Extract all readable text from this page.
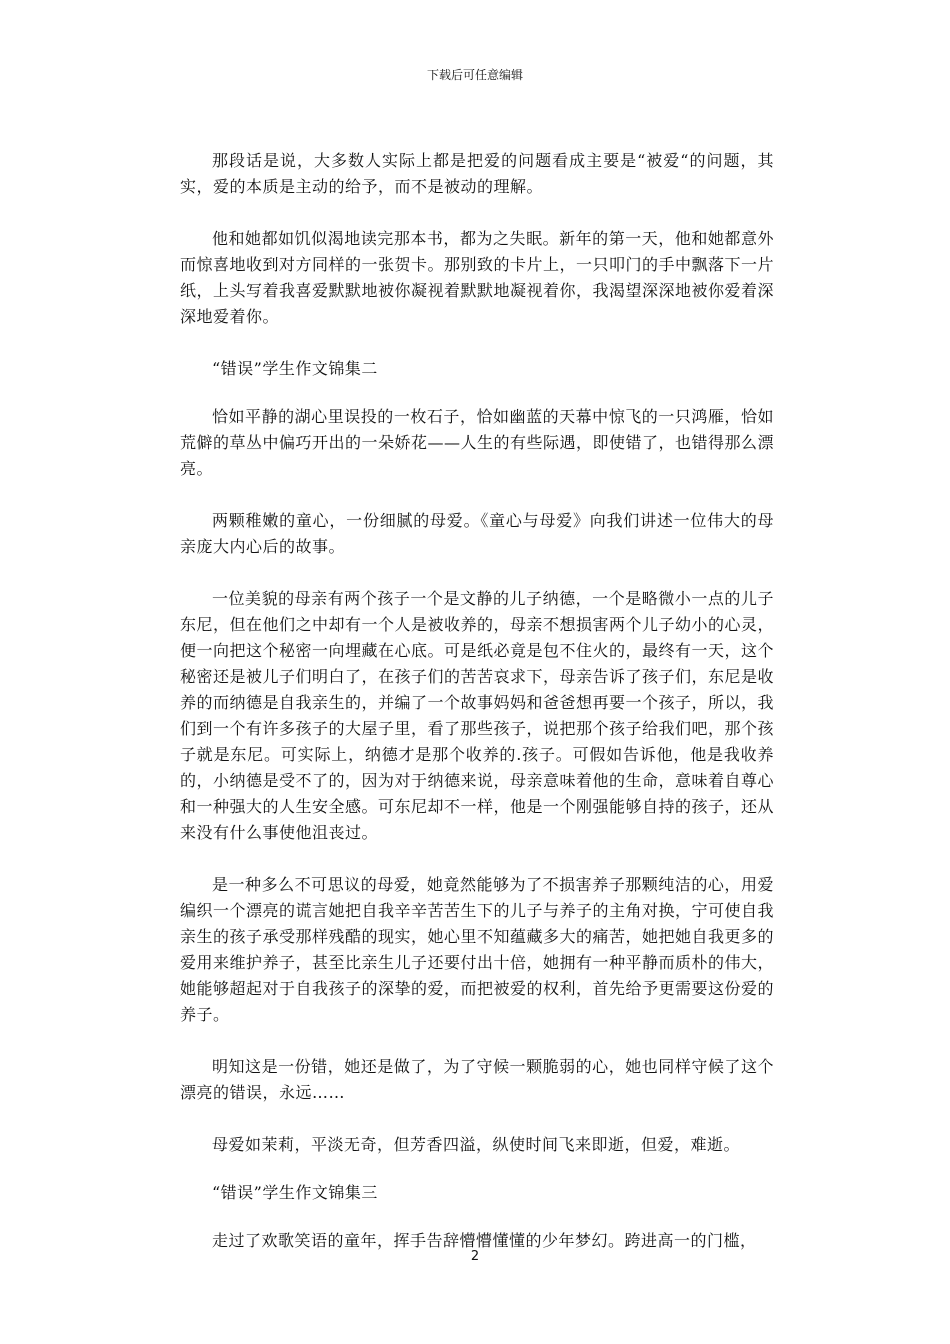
下载后可任意编辑

那段话是说，大多数人实际上都是把爱的问题看成主要是“被爱“的问题，其实，爱的本质是主动的给予，而不是被动的理解。

他和她都如饥似渴地读完那本书，都为之失眠。新年的第一天，他和她都意外而惊喜地收到对方同样的一张贺卡。那别致的卡片上，一只叩门的手中飘落下一片纸，上头写着我喜爱默默地被你凝视着默默地凝视着你，我渴望深深地被你爱着深深地爱着你。

“错误”学生作文锦集二

恰如平静的湖心里误投的一枚石子，恰如幽蓝的天幕中惊飞的一只鸿雁，恰如荒僻的草丛中偏巧开出的一朵娇花——人生的有些际遇，即使错了，也错得那么漂亮。

两颗稚嫩的童心，一份细腻的母爱。《童心与母爱》向我们讲述一位伟大的母亲庞大内心后的故事。

一位美貌的母亲有两个孩子一个是文静的儿子纳德，一个是略微小一点的儿子东尼，但在他们之中却有一个人是被收养的，母亲不想损害两个儿子幼小的心灵，便一向把这个秘密一向埋藏在心底。可是纸必竟是包不住火的，最终有一天，这个秘密还是被儿子们明白了，在孩子们的苦苦哀求下，母亲告诉了孩子们，东尼是收养的而纳德是自我亲生的，并编了一个故事妈妈和爸爸想再要一个孩子，所以，我们到一个有许多孩子的大屋子里，看了那些孩子，说把那个孩子给我们吧，那个孩子就是东尼。可实际上，纳德才是那个收养的.孩子。可假如告诉他，他是我收养的，小纳德是受不了的，因为对于纳德来说，母亲意味着他的生命，意味着自尊心和一种强大的人生安全感。可东尼却不一样，他是一个刚强能够自持的孩子，还从来没有什么事使他沮丧过。

是一种多么不可思议的母爱，她竟然能够为了不损害养子那颗纯洁的心，用爱编织一个漂亮的谎言她把自我辛辛苦苦生下的儿子与养子的主角对换，宁可使自我亲生的孩子承受那样残酷的现实，她心里不知蕴藏多大的痛苦，她把她自我更多的爱用来维护养子，甚至比亲生儿子还要付出十倍，她拥有一种平静而质朴的伟大，她能够超起对于自我孩子的深挚的爱，而把被爱的权利，首先给予更需要这份爱的养子。

明知这是一份错，她还是做了，为了守候一颗脆弱的心，她也同样守候了这个漂亮的错误，永远……

母爱如茉莉，平淡无奇，但芳香四溢，纵使时间飞来即逝，但爱，难逝。

“错误”学生作文锦集三

走过了欢歌笑语的童年，挥手告辞懵懵懂懂的少年梦幻。跨进高一的门槛，

2
